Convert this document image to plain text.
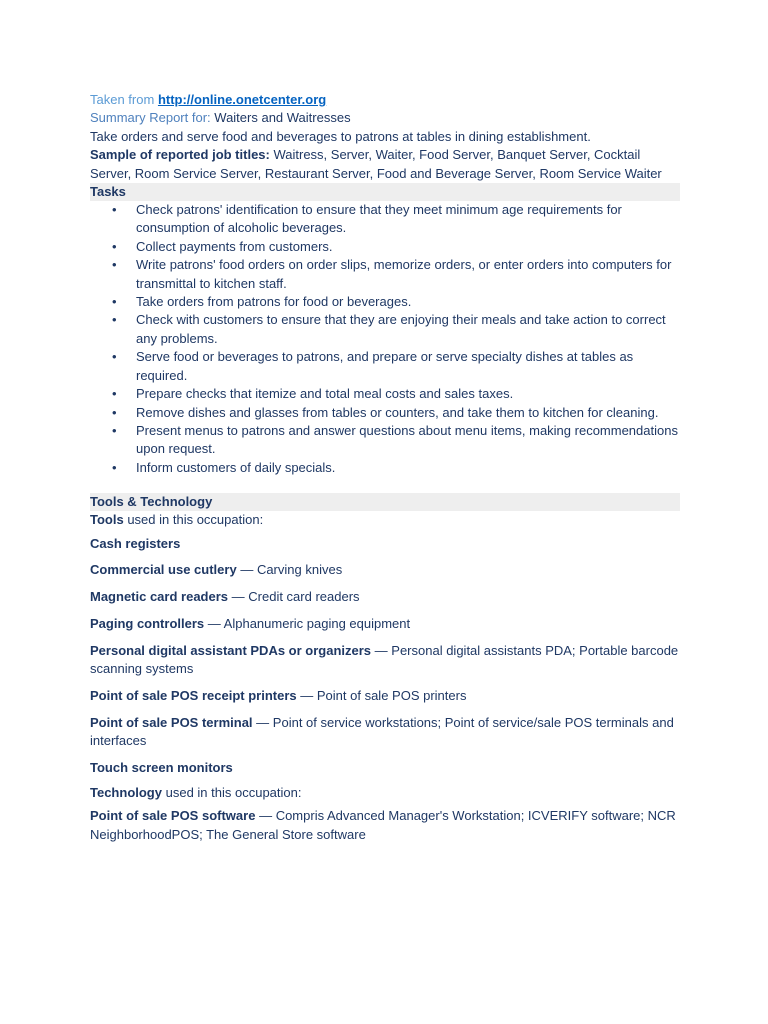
Taken from http://online.onetcenter.org

Summary Report for: Waiters and Waitresses

Take orders and serve food and beverages to patrons at tables in dining establishment.

Sample of reported job titles: Waitress, Server, Waiter, Food Server, Banquet Server, Cocktail Server, Room Service Server, Restaurant Server, Food and Beverage Server, Room Service Waiter

Tasks
• Check patrons' identification to ensure that they meet minimum age requirements for consumption of alcoholic beverages.
• Collect payments from customers.
• Write patrons' food orders on order slips, memorize orders, or enter orders into computers for transmittal to kitchen staff.
• Take orders from patrons for food or beverages.
• Check with customers to ensure that they are enjoying their meals and take action to correct any problems.
• Serve food or beverages to patrons, and prepare or serve specialty dishes at tables as required.
• Prepare checks that itemize and total meal costs and sales taxes.
• Remove dishes and glasses from tables or counters, and take them to kitchen for cleaning.
• Present menus to patrons and answer questions about menu items, making recommendations upon request.
• Inform customers of daily specials.
Tools & Technology

Tools used in this occupation:

Cash registers

Commercial use cutlery — Carving knives

Magnetic card readers — Credit card readers

Paging controllers — Alphanumeric paging equipment

Personal digital assistant PDAs or organizers — Personal digital assistants PDA; Portable barcode scanning systems

Point of sale POS receipt printers — Point of sale POS printers

Point of sale POS terminal — Point of service workstations; Point of service/sale POS terminals and interfaces

Touch screen monitors

Technology used in this occupation:

Point of sale POS software — Compris Advanced Manager's Workstation; ICVERIFY software; NCR NeighborhoodPOS; The General Store software
